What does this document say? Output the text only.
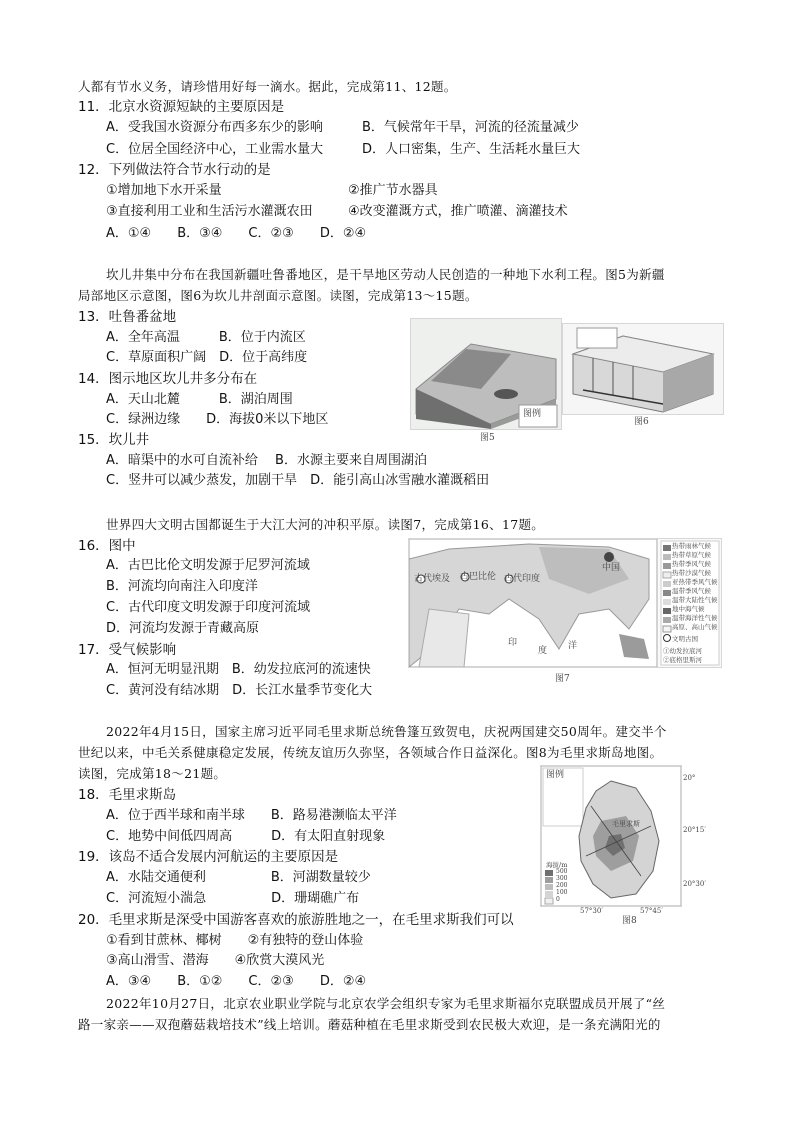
人都有节水义务，请珍惜用好每一滴水。据此，完成第11、12题。
11．北京水资源短缺的主要原因是
A．受我国水资源分布西多东少的影响	B．气候常年干旱，河流的径流量减少
C．位居全国经济中心，工业需水量大	D．人口密集，生产、生活耗水量巨大
12．下列做法符合节水行动的是
①增加地下水开采量	②推广节水器具
③直接利用工业和生活污水灌溉农田	④改变灌溉方式，推广喷灌、滴灌技术
A．①④　　B．③④　　C．②③　　D．②④
坎儿井集中分布在我国新疆吐鲁番地区，是干旱地区劳动人民创造的一种地下水利工程。图5为新疆
局部地区示意图，图6为坎儿井剖面示意图。读图，完成第13～15题。
13．吐鲁番盆地
A．全年高温　　　B．位于内流区
C．草原面积广阔　D．位于高纬度
14．图示地区坎儿井多分布在
A．天山北麓　　　B．湖泊周围
C．绿洲边缘　　D．海拔0米以下地区
15．坎儿井
A．暗渠中的水可自流补给　 B．水源主要来自周围湖泊
C．竖井可以减少蒸发，加剧干旱　D．能引高山冰雪融水灌溉稻田
图例
图5
图6
世界四大文明古国都诞生于大江大河的冲积平原。读图7，完成第16、17题。
16．图中
A．古巴比伦文明发源于尼罗河流域
B．河流均向南注入印度洋
C．古代印度文明发源于印度河流域
D．河流均发源于青藏高原
17．受气候影响
A．恒河无明显汛期　B．幼发拉底河的流速快
C．黄河没有结冰期　D．长江水量季节变化大
古代埃及 古巴比伦 古代印度
中国
印
度 洋
热带雨林气候
热带草原气候
热带季风气候
热带沙漠气候
亚热带季风气候
温带季风气候
温带大陆性气候
地中海气候
温带海洋性气候
高原、高山气候
文明古国
①幼发拉底河
②底格里斯河
图7
2022年4月15日，国家主席习近平同毛里求斯总统鲁篷互致贺电，庆祝两国建交50周年。建交半个
世纪以来，中毛关系健康稳定发展，传统友谊历久弥坚，各领域合作日益深化。图8为毛里求斯岛地图。
读图，完成第18～21题。
18．毛里求斯岛
A．位于西半球和南半球　　B．路易港濒临太平洋
C．地势中间低四周高　　　D．有太阳直射现象
19．该岛不适合发展内河航运的主要原因是
A．水陆交通便利　　　　　B．河湖数量较少
C．河流短小湍急　　　　　D．珊瑚礁广布
20．毛里求斯是深受中国游客喜欢的旅游胜地之一，在毛里求斯我们可以
①看到甘蔗林、椰树　　②有独特的登山体验
③高山滑雪、潜海　　④欣赏大漠风光
A．③④　　B．①②　　C．②③　　D．②④
图例
毛里求斯
20°
20°15′
20°30′
57°30′	57°45′
海拔/m
500
300
200
100
0
图8
2022年10月27日，北京农业职业学院与北京农学会组织专家为毛里求斯福尔克联盟成员开展了“丝
路一家亲——双孢蘑菇栽培技术”线上培训。蘑菇种植在毛里求斯受到农民极大欢迎，是一条充满阳光的
